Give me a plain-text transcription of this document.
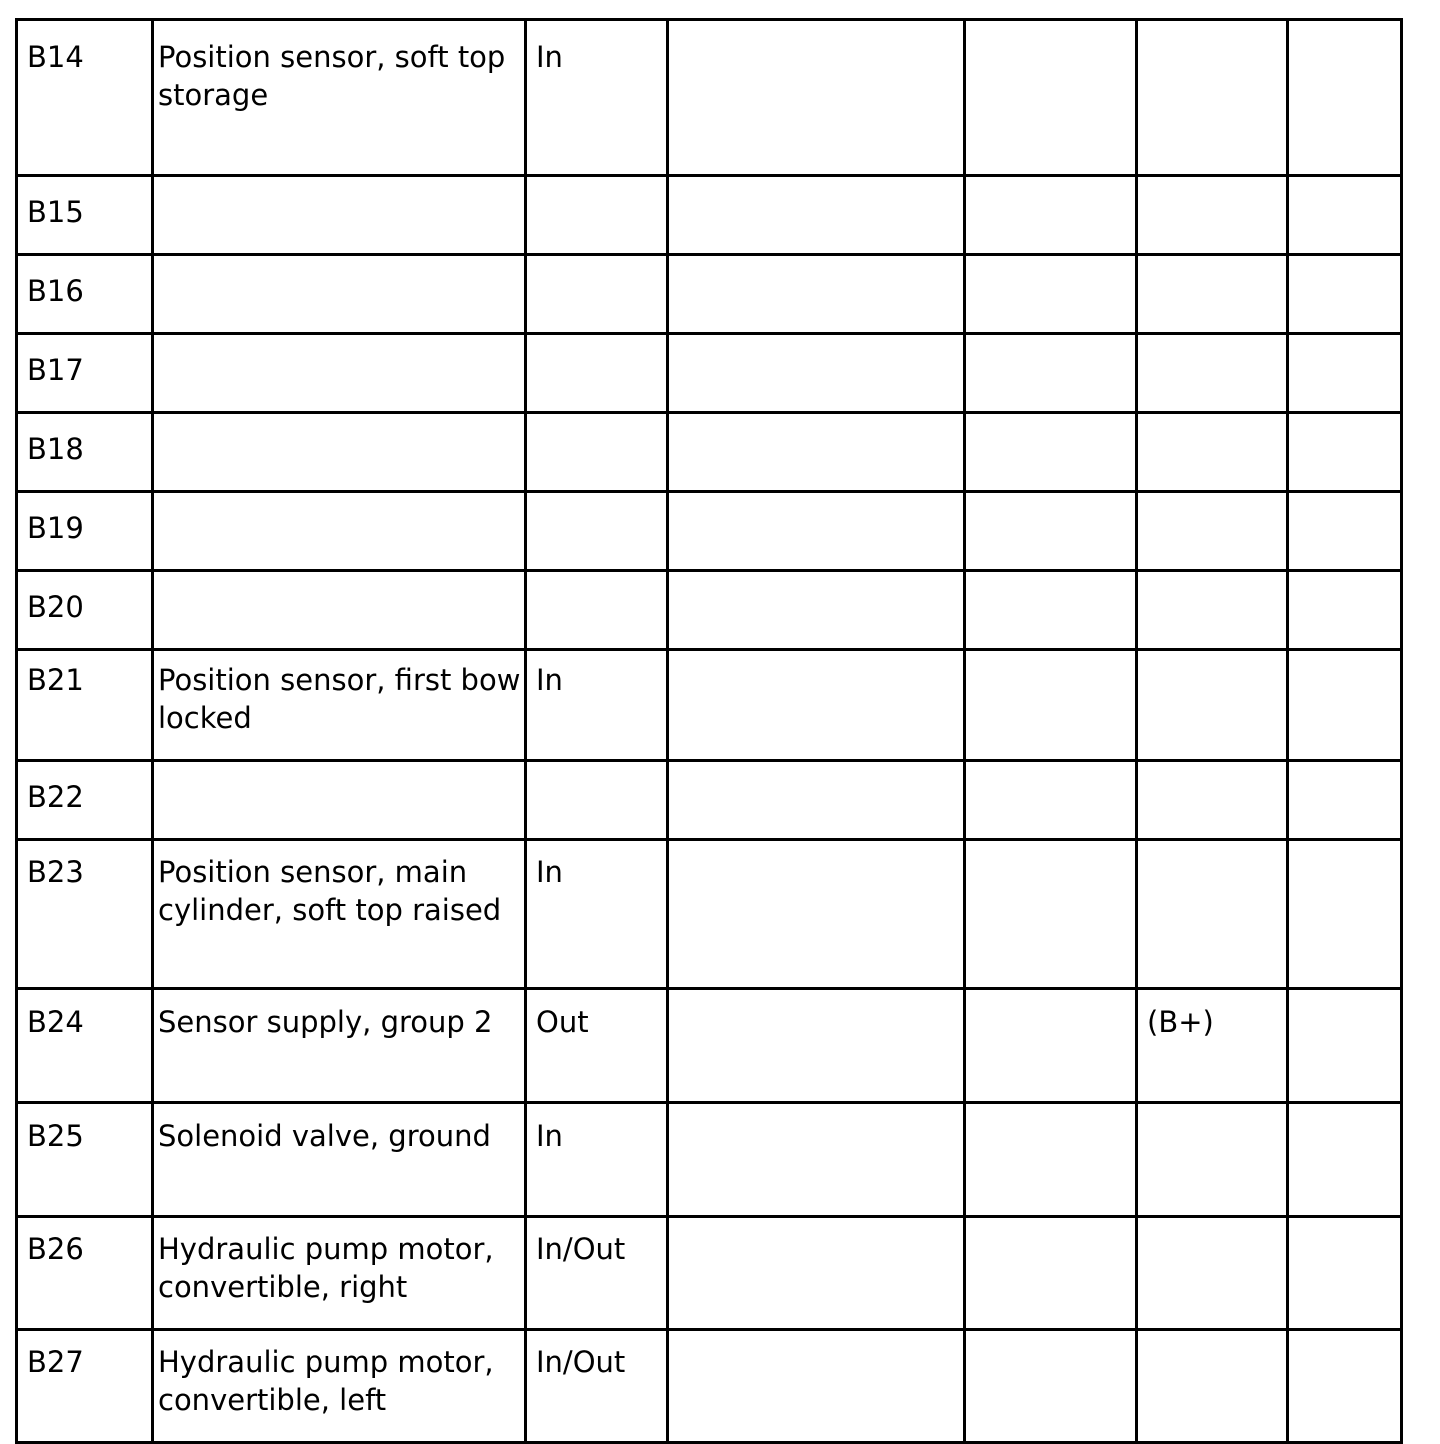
B14	Position sensor, soft top storage	In				
B15						
B16						
B17						
B18						
B19						
B20						
B21	Position sensor, first bow locked	In				
B22						
B23	Position sensor, main cylinder, soft top raised	In				
B24	Sensor supply, group 2	Out			(B+)	
B25	Solenoid valve, ground	In				
B26	Hydraulic pump motor, convertible, right	In/Out				
B27	Hydraulic pump motor, convertible, left	In/Out				
